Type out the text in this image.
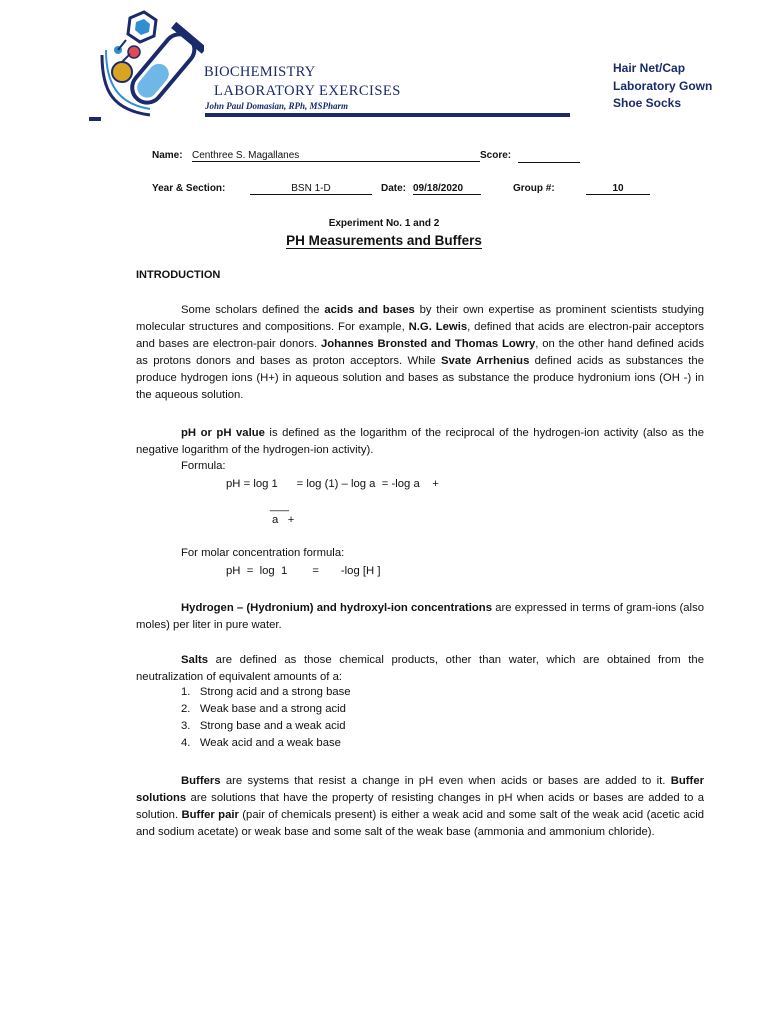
BIOCHEMISTRY
LABORATORY EXERCISES
John Paul Domasian, RPh, MSPharm
Hair Net/Cap
Laboratory Gown
Shoe Socks
Name: Centhree S. Magallanes	Score:
Year & Section:	BSN 1-D	Date: 09/18/2020	Group #:	10
Experiment No. 1 and 2
PH Measurements and Buffers
INTRODUCTION
Some scholars defined the acids and bases by their own expertise as prominent scientists studying molecular structures and compositions. For example, N.G. Lewis, defined that acids are electron-pair acceptors and bases are electron-pair donors. Johannes Bronsted and Thomas Lowry, on the other hand defined acids as protons donors and bases as proton acceptors. While Svate Arrhenius defined acids as substances the produce hydrogen ions (H+) in aqueous solution and bases as substance the produce hydronium ions (OH -) in the aqueous solution.
pH or pH value is defined as the logarithm of the reciprocal of the hydrogen-ion activity (also as the negative logarithm of the hydrogen-ion activity).
Formula:
pH = log 1      = log (1) – log a  = -log a    +
___
a   +
For molar concentration formula:
pH  =  log  1        =       -log [H ]
Hydrogen – (Hydronium) and hydroxyl-ion concentrations are expressed in terms of gram-ions (also moles) per liter in pure water.
Salts are defined as those chemical products, other than water, which are obtained from the neutralization of equivalent amounts of a:
1.   Strong acid and a strong base
2.   Weak base and a strong acid
3.   Strong base and a weak acid
4.   Weak acid and a weak base
Buffers are systems that resist a change in pH even when acids or bases are added to it. Buffer solutions are solutions that have the property of resisting changes in pH when acids or bases are added to a solution. Buffer pair (pair of chemicals present) is either a weak acid and some salt of the weak acid (acetic acid and sodium acetate) or weak base and some salt of the weak base (ammonia and ammonium chloride).
